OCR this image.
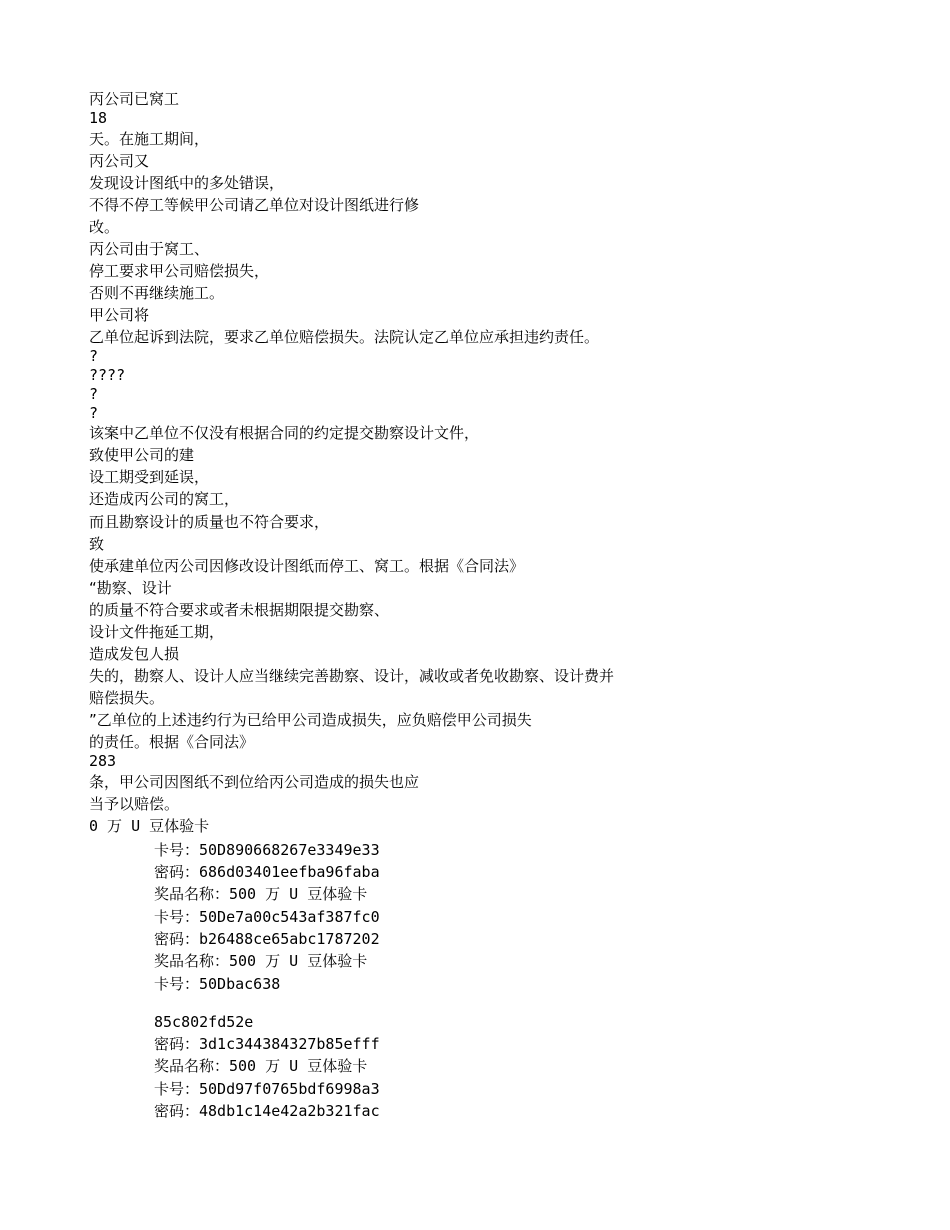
丙公司已窝工
18
天。在施工期间，
丙公司又
发现设计图纸中的多处错误，
不得不停工等候甲公司请乙单位对设计图纸进行修
改。
丙公司由于窝工、
停工要求甲公司赔偿损失，
否则不再继续施工。
甲公司将
乙单位起诉到法院，要求乙单位赔偿损失。法院认定乙单位应承担违约责任。
?
????
?
?
该案中乙单位不仅没有根据合同的约定提交勘察设计文件，
致使甲公司的建
设工期受到延误，
还造成丙公司的窝工，
而且勘察设计的质量也不符合要求，
致
使承建单位丙公司因修改设计图纸而停工、窝工。根据《合同法》
“勘察、设计
的质量不符合要求或者未根据期限提交勘察、
设计文件拖延工期，
造成发包人损
失的，勘察人、设计人应当继续完善勘察、设计，减收或者免收勘察、设计费并
赔偿损失。
”乙单位的上述违约行为已给甲公司造成损失，应负赔偿甲公司损失
的责任。根据《合同法》
283
条，甲公司因图纸不到位给丙公司造成的损失也应
当予以赔偿。
0 万 U 豆体验卡
卡号：50D890668267e3349e33
密码：686d03401eefba96faba
奖品名称：500 万 U 豆体验卡
卡号：50De7a00c543af387fc0
密码：b26488ce65abc1787202
奖品名称：500 万 U 豆体验卡
卡号：50Dbac638
85c802fd52e
密码：3d1c344384327b85efff
奖品名称：500 万 U 豆体验卡
卡号：50Dd97f0765bdf6998a3
密码：48db1c14e42a2b321fac
